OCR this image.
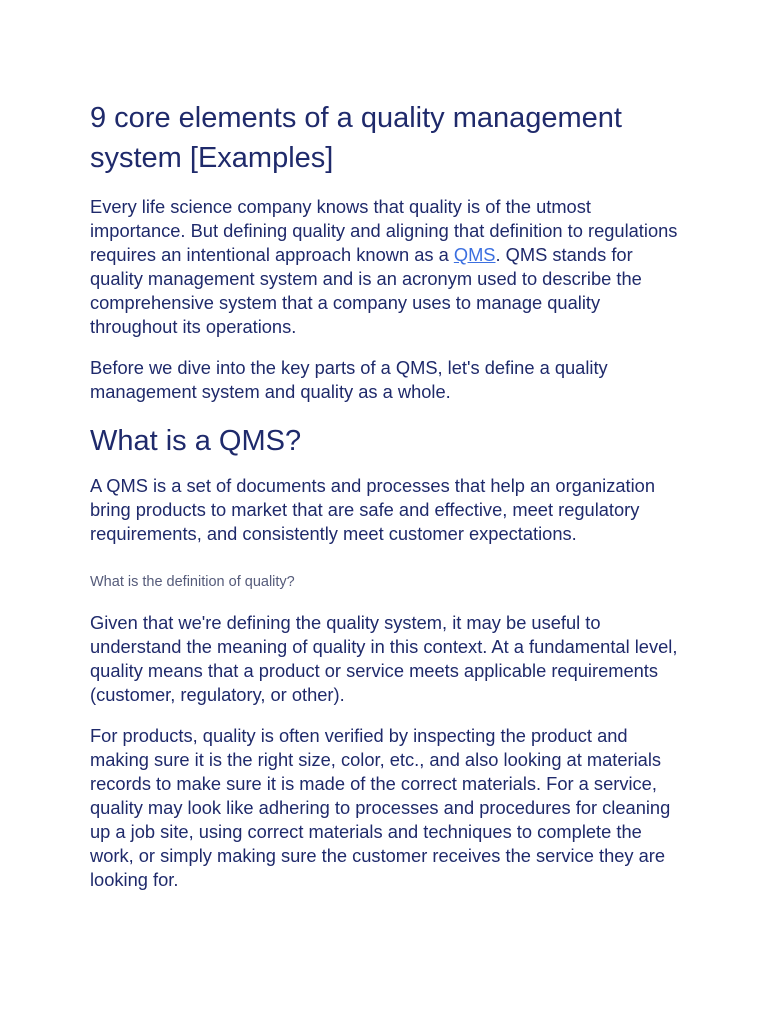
9 core elements of a quality management system [Examples]

Every life science company knows that quality is of the utmost importance. But defining quality and aligning that definition to regulations requires an intentional approach known as a QMS. QMS stands for quality management system and is an acronym used to describe the comprehensive system that a company uses to manage quality throughout its operations.

Before we dive into the key parts of a QMS, let's define a quality management system and quality as a whole.

What is a QMS?

A QMS is a set of documents and processes that help an organization bring products to market that are safe and effective, meet regulatory requirements, and consistently meet customer expectations.

What is the definition of quality?

Given that we're defining the quality system, it may be useful to understand the meaning of quality in this context. At a fundamental level, quality means that a product or service meets applicable requirements (customer, regulatory, or other).

For products, quality is often verified by inspecting the product and making sure it is the right size, color, etc., and also looking at materials records to make sure it is made of the correct materials. For a service, quality may look like adhering to processes and procedures for cleaning up a job site, using correct materials and techniques to complete the work, or simply making sure the customer receives the service they are looking for.
